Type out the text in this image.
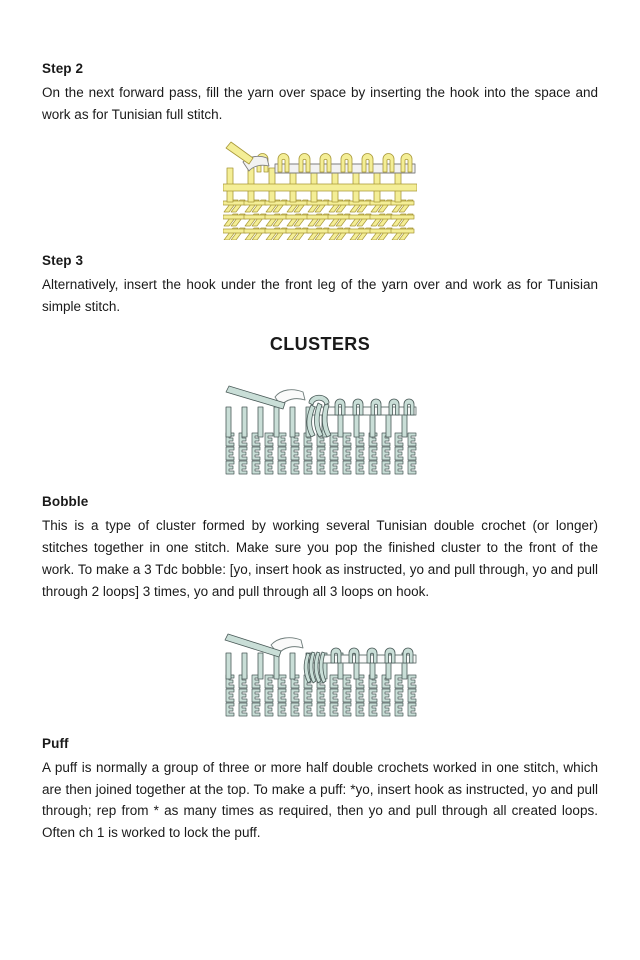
Step 2

On the next forward pass, fill the yarn over space by inserting the hook into the space and work as for Tunisian full stitch.

Step 3

Alternatively, insert the hook under the front leg of the yarn over and work as for Tunisian simple stitch.

CLUSTERS
Bobble

This is a type of cluster formed by working several Tunisian double crochet (or longer) stitches together in one stitch. Make sure you pop the finished cluster to the front of the work. To make a 3 Tdc bobble: [yo, insert hook as instructed, yo and pull through, yo and pull through 2 loops] 3 times, yo and pull through all 3 loops on hook.

Puff

A puff is normally a group of three or more half double crochets worked in one stitch, which are then joined together at the top. To make a puff: *yo, insert hook as instructed, yo and pull through; rep from * as many times as required, then yo and pull through all created loops. Often ch 1 is worked to lock the puff.
